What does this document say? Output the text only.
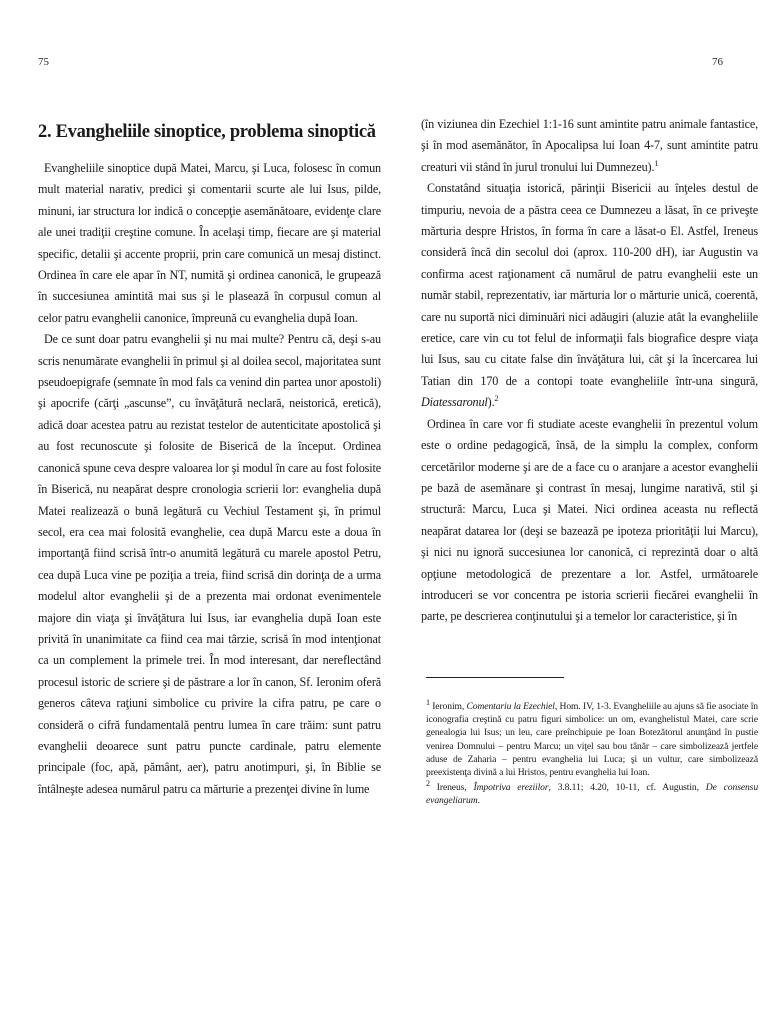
75	76
2. Evangheliile sinoptice, problema sinoptică

Evangheliile sinoptice după Matei, Marcu, şi Luca, folosesc în comun mult material narativ, predici şi comentarii scurte ale lui Isus, pilde, minuni, iar structura lor indică o concepţie asemănătoare, evidenţe clare ale unei tradiţii creştine comune. În acelaşi timp, fiecare are şi material specific, detalii şi accente proprii, prin care comunică un mesaj distinct. Ordinea în care ele apar în NT, numită şi ordinea canonică, le grupează în succesiunea amintită mai sus şi le plasează în corpusul comun al celor patru evanghelii canonice, împreună cu evanghelia după Ioan.

De ce sunt doar patru evanghelii şi nu mai multe? Pentru că, deşi s-au scris nenumărate evanghelii în primul şi al doilea secol, majoritatea sunt pseudoepigrafe (semnate în mod fals ca venind din partea unor apostoli) şi apocrife (cărţi „ascunse”, cu învăţătură neclară, neistorică, eretică), adică doar acestea patru au rezistat testelor de autenticitate apostolică şi au fost recunoscute şi folosite de Biserică de la început. Ordinea canonică spune ceva despre valoarea lor şi modul în care au fost folosite în Biserică, nu neapărat despre cronologia scrierii lor: evanghelia după Matei realizează o bună legătură cu Vechiul Testament şi, în primul secol, era cea mai folosită evanghelie, cea după Marcu este a doua în importanţă fiind scrisă într-o anumită legătură cu marele apostol Petru, cea după Luca vine pe poziţia a treia, fiind scrisă din dorinţa de a urma modelul altor evanghelii şi de a prezenta mai ordonat evenimentele majore din viaţa şi învăţătura lui Isus, iar evanghelia după Ioan este privită în unanimitate ca fiind cea mai târzie, scrisă în mod intenţionat ca un complement la primele trei. În mod interesant, dar nereflectând procesul istoric de scriere şi de păstrare a lor în canon, Sf. Ieronim oferă generos câteva raţiuni simbolice cu privire la cifra patru, pe care o consideră o cifră fundamentală pentru lumea în care trăim: sunt patru evanghelii deoarece sunt patru puncte cardinale, patru elemente principale (foc, apă, pământ, aer), patru anotimpuri, şi, în Biblie se întâlneşte adesea numărul patru ca mărturie a prezenţei divine în lume

(în viziunea din Ezechiel 1:1-16 sunt amintite patru animale fantastice, şi în mod asemănător, în Apocalipsa lui Ioan 4-7, sunt amintite patru creaturi vii stând în jurul tronului lui Dumnezeu).$^1$

Constatând situaţia istorică, părinţii Bisericii au înţeles destul de timpuriu, nevoia de a păstra ceea ce Dumnezeu a lăsat, în ce priveşte mărturia despre Hristos, în forma în care a lăsat-o El. Astfel, Ireneus consideră încă din secolul doi (aprox. 110-200 dH), iar Augustin va confirma acest raţionament că numărul de patru evanghelii este un număr stabil, reprezentativ, iar mărturia lor o mărturie unică, coerentă, care nu suportă nici diminuări nici adăugiri (aluzie atât la evangheliile eretice, care vin cu tot felul de informaţii fals biografice despre viaţa lui Isus, sau cu citate false din învăţătura lui, cât şi la încercarea lui Tatian din 170 de a contopi toate evangheliile într-una singură, Diatessaronul).$^2$

Ordinea în care vor fi studiate aceste evanghelii în prezentul volum este o ordine pedagogică, însă, de la simplu la complex, conform cercetărilor moderne şi are de a face cu o aranjare a acestor evanghelii pe bază de asemănare şi contrast în mesaj, lungime narativă, stil şi structură: Marcu, Luca şi Matei. Nici ordinea aceasta nu reflectă neapărat datarea lor (deşi se bazează pe ipoteza priorităţii lui Marcu), şi nici nu ignoră succesiunea lor canonică, ci reprezintă doar o altă opţiune metodologică de prezentare a lor. Astfel, următoarele introduceri se vor concentra pe istoria scrierii fiecărei evanghelii în parte, pe descrierea conţinutului şi a temelor lor caracteristice, şi în

$^1$ Ieronim, Comentariu la Ezechiel, Hom. IV, 1-3. Evangheliile au ajuns să fie asociate în iconografia creştină cu patru figuri simbolice: un om, evanghelistul Matei, care scrie genealogia lui Isus; un leu, care preînchipuie pe Ioan Botezătorul anunţând în pustie venirea Domnului – pentru Marcu; un viţel sau bou tânăr – care simbolizează jertfele aduse de Zaharia – pentru evanghelia lui Luca; şi un vultur, care simbolizează preexistenţa divină a lui Hristos, pentru evanghelia lui Ioan.

$^2$ Ireneus, Împotriva ereziilor, 3.8.11; 4.20, 10-11, cf. Augustin, De consensu evangeliarum.
